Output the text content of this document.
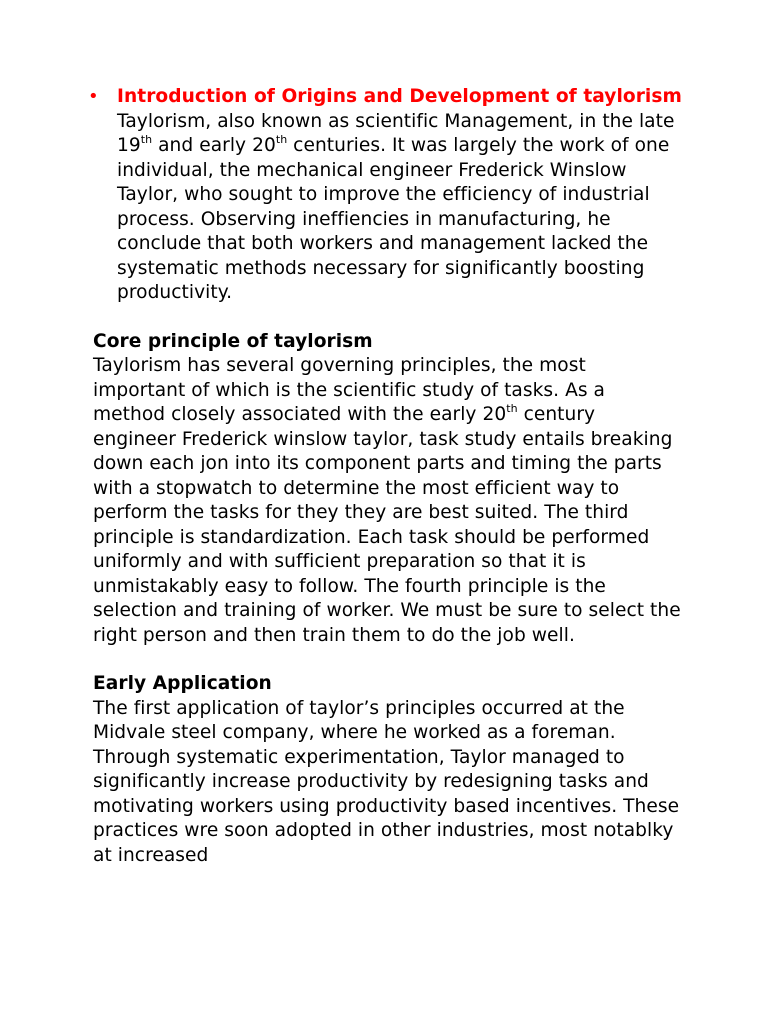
• Introduction of Origins and Development of taylorism Taylorism, also known as scientific Management, in the late 19th and early 20th centuries. It was largely the work of one individual, the mechanical engineer Frederick Winslow Taylor, who sought to improve the efficiency of industrial process. Observing ineffiencies in manufacturing, he conclude that both workers and management lacked the systematic methods necessary for significantly boosting productivity.

Core principle of taylorism

Taylorism has several governing principles, the most important of which is the scientific study of tasks. As a method closely associated with the early 20th century engineer Frederick winslow taylor, task study entails breaking down each jon into its component parts and timing the parts with a stopwatch to determine the most efficient way to perform the tasks for they they are best suited. The third principle is standardization. Each task should be performed uniformly and with sufficient preparation so that it is unmistakably easy to follow. The fourth principle is the selection and training of worker. We must be sure to select the right person and then train them to do the job well.

Early Application

The first application of taylor’s principles occurred at the Midvale steel company, where he worked as a foreman. Through systematic experimentation, Taylor managed to significantly increase productivity by redesigning tasks and motivating workers using productivity based incentives. These practices wre soon adopted in other industries, most notablky at increased
